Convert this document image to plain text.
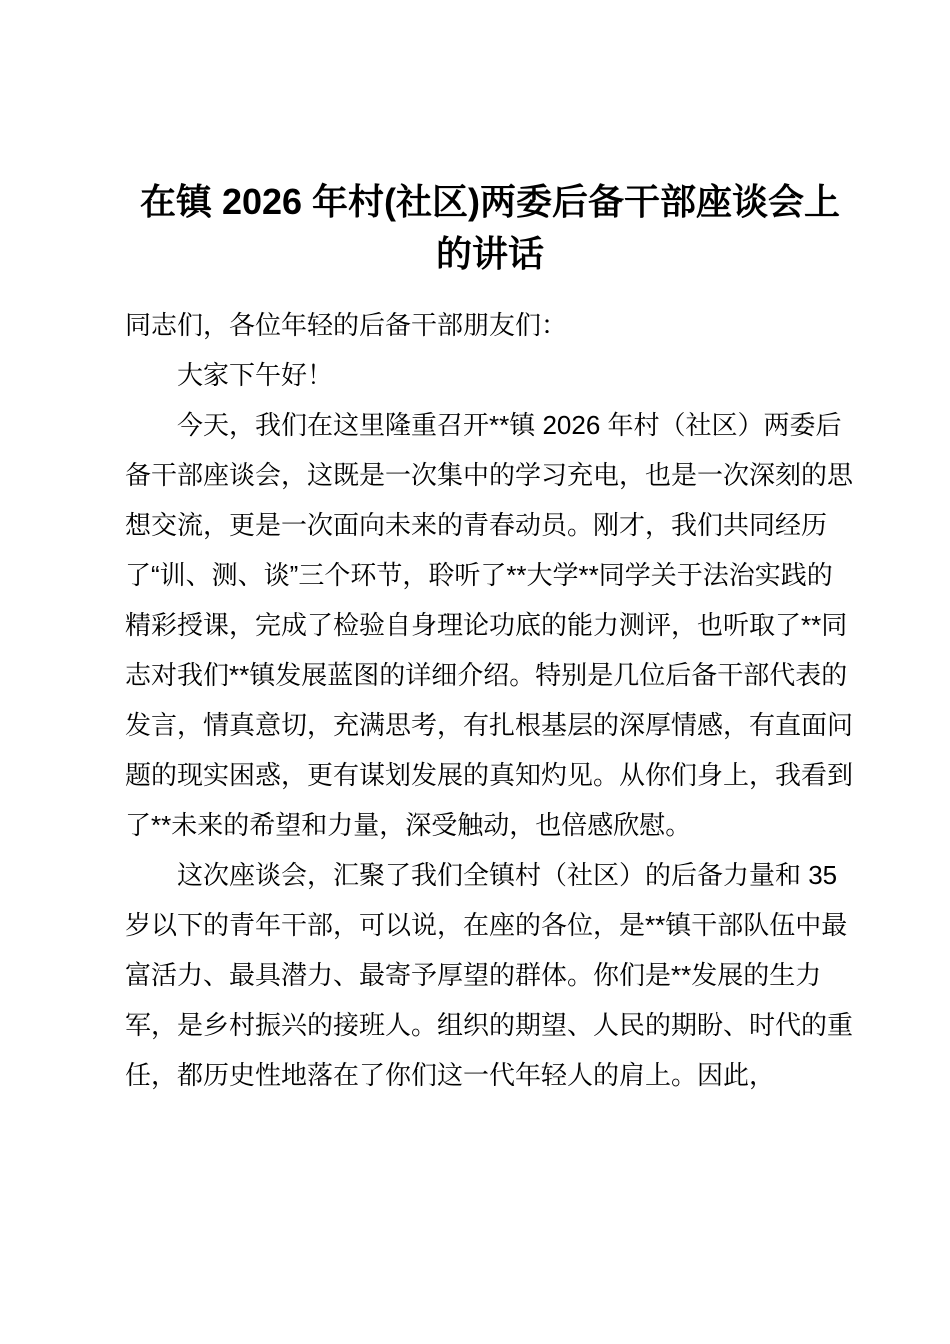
在镇 2026 年村(社区)两委后备干部座谈会上的讲话

同志们，各位年轻的后备干部朋友们：

大家下午好！

今天，我们在这里隆重召开**镇 2026 年村（社区）两委后备干部座谈会，这既是一次集中的学习充电，也是一次深刻的思想交流，更是一次面向未来的青春动员。刚才，我们共同经历了“训、测、谈”三个环节，聆听了**大学**同学关于法治实践的精彩授课，完成了检验自身理论功底的能力测评，也听取了**同志对我们**镇发展蓝图的详细介绍。特别是几位后备干部代表的发言，情真意切，充满思考，有扎根基层的深厚情感，有直面问题的现实困惑，更有谋划发展的真知灼见。从你们身上，我看到了**未来的希望和力量，深受触动，也倍感欣慰。

这次座谈会，汇聚了我们全镇村（社区）的后备力量和 35 岁以下的青年干部，可以说，在座的各位，是**镇干部队伍中最富活力、最具潜力、最寄予厚望的群体。你们是**发展的生力军，是乡村振兴的接班人。组织的期望、人民的期盼、时代的重任，都历史性地落在了你们这一代年轻人的肩上。因此，
